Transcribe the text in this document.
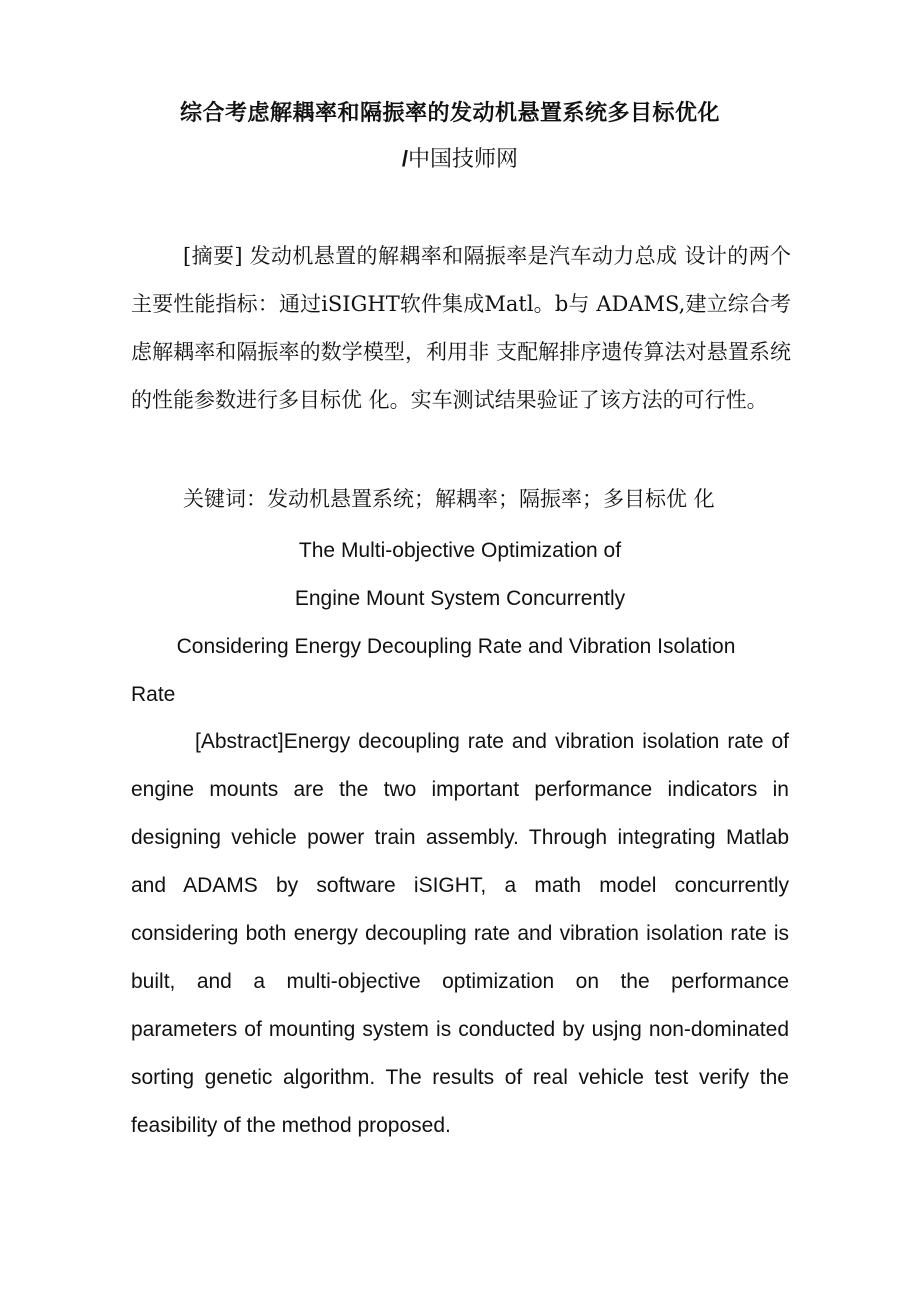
综合考虑解耦率和隔振率的发动机悬置系统多目标优化
/中国技师网
[摘要] 发动机悬置的解耦率和隔振率是汽车动力总成 设计的两个主要性能指标：通过iSIGHT软件集成Matl。b与 ADAMS,建立综合考虑解耦率和隔振率的数学模型，利用非 支配解排序遗传算法对悬置系统的性能参数进行多目标优 化。实车测试结果验证了该方法的可行性。
关键词：发动机悬置系统；解耦率；隔振率；多目标优 化
The Multi-objective Optimization of
Engine Mount System Concurrently
Considering Energy Decoupling Rate and Vibration Isolation
Rate
[Abstract]Energy decoupling rate and vibration isolation rate of engine mounts are the two important performance indicators in designing vehicle power train assembly. Through integrating Matlab and ADAMS by software iSIGHT, a math model concurrently considering both energy decoupling rate and vibration isolation rate is built, and a multi-objective optimization on the performance parameters of mounting system is conducted by usjng non-dominated sorting genetic algorithm. The results of real vehicle test verify the feasibility of the method proposed.
